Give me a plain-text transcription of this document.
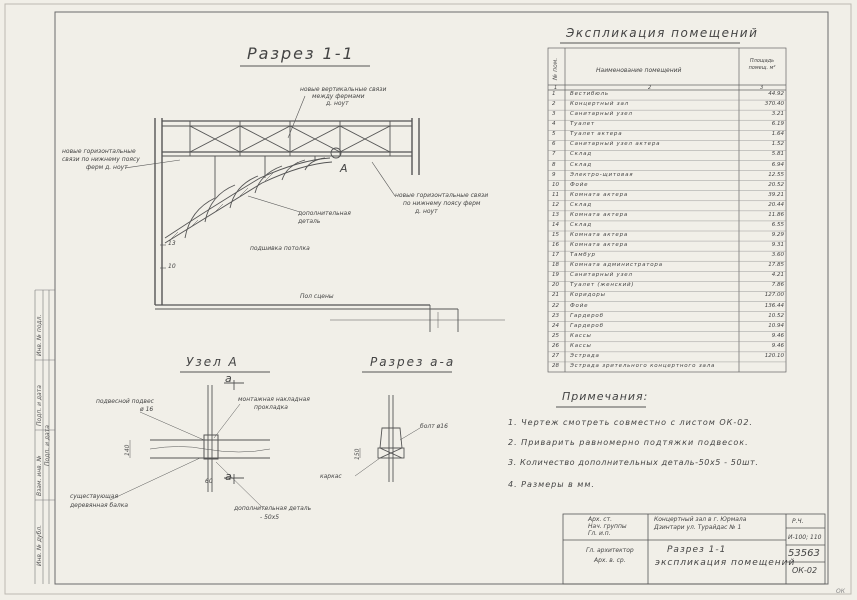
Разрез 1-1
Узел А	Разрез а-а
новые вертикальные связи
между фермами
д. ноут
новые горизонтальные
связи по нижнему поясу
ферм д. ноут
новые горизонтальные связи
по нижнему поясу ферм
д. ноут
дополнительная
деталь
подшивка потолка
А
Пол сцены
13
10
подвесной подвес
ø 16
монтажная накладная
прокладка
существующая
деревянная балка	дополнительная деталь
- 50х5
а
а
140
60
болт ø16
каркас
150
Экспликация помещений
№ пом.	Наименование помещений
Площадь помещ. м²
1	2	3
1	Вестибюль	44.92
2	Концертный зал	370.40
3	Санитарный узел	3.21
4	Туалет	6.19
5	Туалет актера	1.64
6	Санитарный узел актера	1.52
7	Склад	5.81
8	Склад	6.94
9	Электро-щитовая	12.55
10	Фойе	20.52
11	Комната актера	39.21
12	Склад	20.44
13	Комната актера	11.86
14	Склад	6.55
15	Комната актера	9.29
16	Комната актера	9.31
17	Тамбур	3.60
18	Комната администратора	17.85
19	Санитарный узел	4.21
20	Туалет (женский)	7.86
21	Коридоры	127.00
22	Фойе	136.44
23	Гардероб	10.52
24	Гардероб	10.94
25	Кассы	9.46
26	Кассы	9.46
27	Эстрада	120.10
28	Эстрада зрительного концертного зала
Примечания:
1. Чертеж смотреть совместно с листом ОК-02.
2. Приварить равномерно подтяжки подвесок.
3. Количество дополнительных деталь-50х5 - 50шт.
4. Размеры в мм.
Арх. ст.
Нач. группы
Гл. и.п.
Концертный зал в г. Юрмала
Дзинтари ул. Турайдас № 1
Разрез 1-1
экспликация помещений
Гл. архитектор
Арх. в. ср.
Р.Ч.
И-100; 110
53563
ОК-02
Инв. № подл.
Подп. и дата
Взам. инв. №
Инв. № дубл.
Подп. и дата
ОК
